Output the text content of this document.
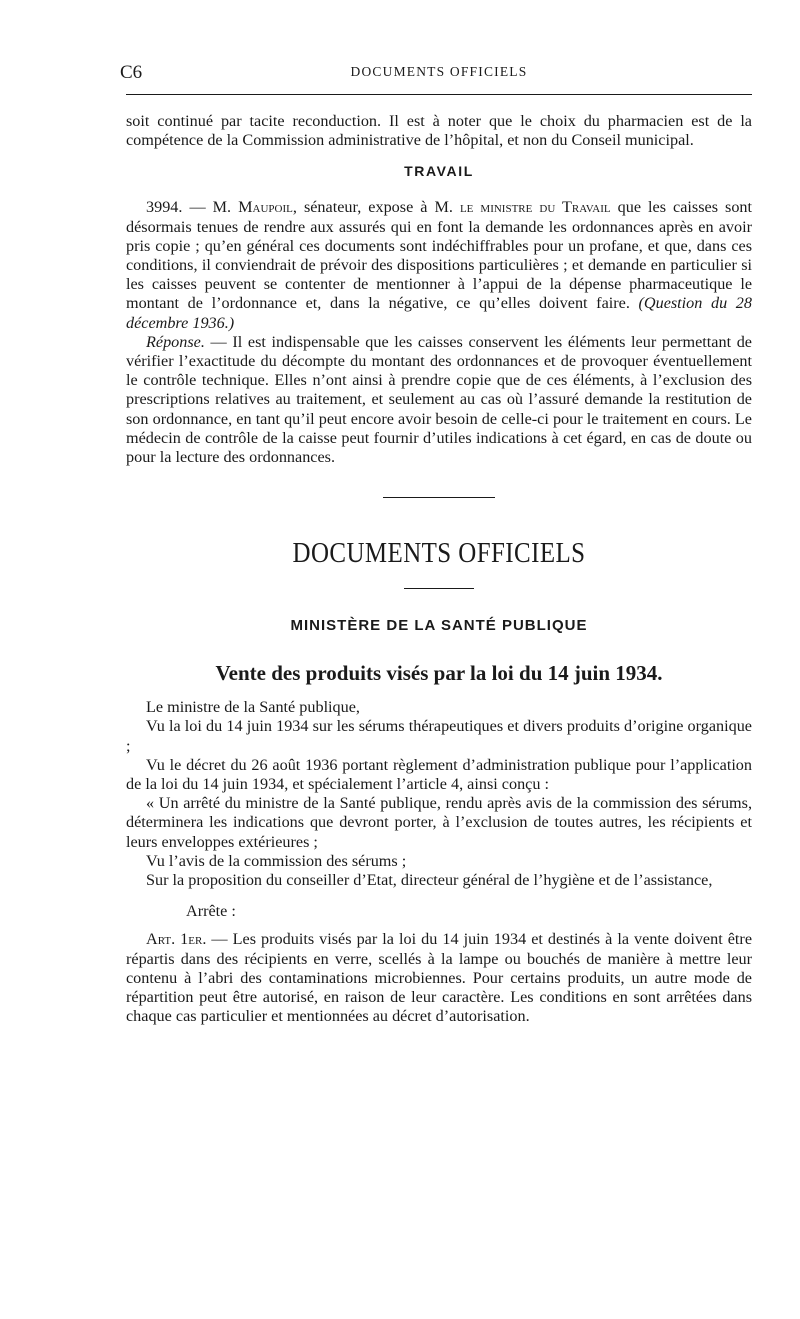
C6	DOCUMENTS OFFICIELS

soit continué par tacite reconduction. Il est à noter que le choix du pharmacien est de la compétence de la Commission administrative de l’hôpital, et non du Conseil municipal.

TRAVAIL

3994. — M. Maupoil, sénateur, expose à M. le ministre du Travail que les caisses sont désormais tenues de rendre aux assurés qui en font la demande les ordonnances après en avoir pris copie ; qu’en général ces documents sont indéchiffrables pour un profane, et que, dans ces conditions, il conviendrait de prévoir des dispositions particulières ; et demande en particulier si les caisses peuvent se contenter de mentionner à l’appui de la dépense pharmaceutique le montant de l’ordonnance et, dans la négative, ce qu’elles doivent faire. (Question du 28 décembre 1936.)

Réponse. — Il est indispensable que les caisses conservent les éléments leur permettant de vérifier l’exactitude du décompte du montant des ordonnances et de provoquer éventuellement le contrôle technique. Elles n’ont ainsi à prendre copie que de ces éléments, à l’exclusion des prescriptions relatives au traitement, et seulement au cas où l’assuré demande la restitution de son ordonnance, en tant qu’il peut encore avoir besoin de celle-ci pour le traitement en cours. Le médecin de contrôle de la caisse peut fournir d’utiles indications à cet égard, en cas de doute ou pour la lecture des ordonnances.

DOCUMENTS OFFICIELS
MINISTÈRE DE LA SANTÉ PUBLIQUE
Vente des produits visés par la loi du 14 juin 1934.

Le ministre de la Santé publique,

Vu la loi du 14 juin 1934 sur les sérums thérapeutiques et divers produits d’origine organique ;

Vu le décret du 26 août 1936 portant règlement d’administration publique pour l’application de la loi du 14 juin 1934, et spécialement l’article 4, ainsi conçu :

« Un arrêté du ministre de la Santé publique, rendu après avis de la commission des sérums, déterminera les indications que devront porter, à l’exclusion de toutes autres, les récipients et leurs enveloppes extérieures ;

Vu l’avis de la commission des sérums ;

Sur la proposition du conseiller d’Etat, directeur général de l’hygiène et de l’assistance,

Arrête :

Art. 1er. — Les produits visés par la loi du 14 juin 1934 et destinés à la vente doivent être répartis dans des récipients en verre, scellés à la lampe ou bouchés de manière à mettre leur contenu à l’abri des contaminations microbiennes. Pour certains produits, un autre mode de répartition peut être autorisé, en raison de leur caractère. Les conditions en sont arrêtées dans chaque cas particulier et mentionnées au décret d’autorisation.
